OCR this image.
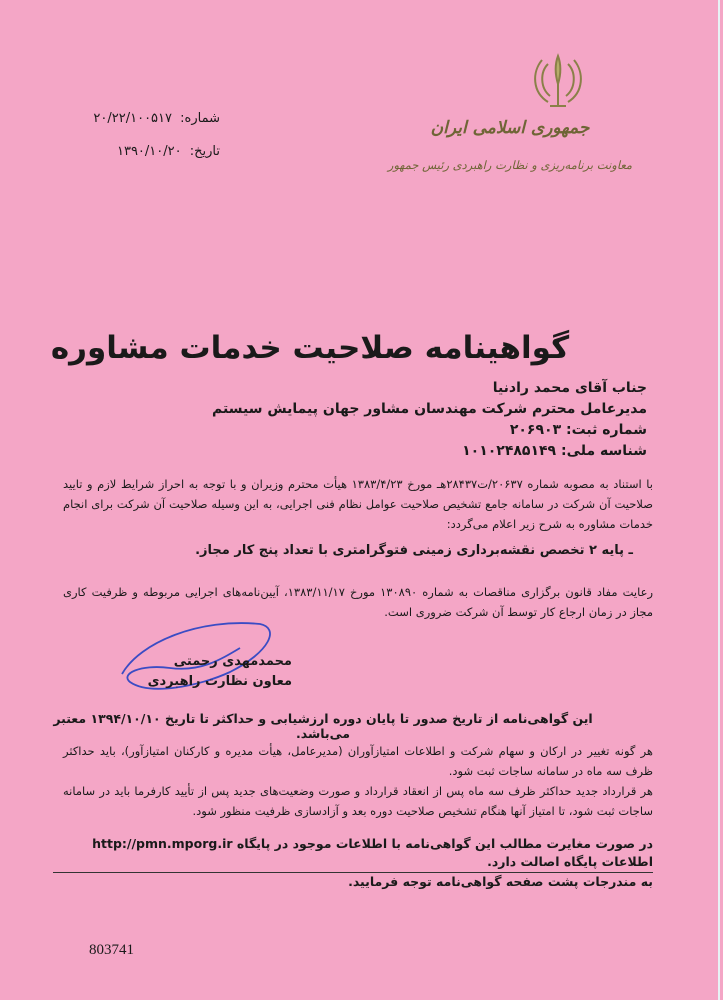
جمهوری اسلامی ایران
معاونت برنامه‌ریزی و نظارت راهبردی رئیس جمهور
شماره: ۲۰/۲۲/۱۰۰۵۱۷
تاریخ: ۱۳۹۰/۱۰/۲۰
گواهینامه صلاحیت خدمات مشاوره
جناب آقای محمد رادنیا
مدیرعامل محترم شرکت مهندسان مشاور جهان پیمایش سیستم
شماره ثبت: ۲۰۶۹۰۳
شناسه ملی: ۱۰۱۰۲۴۸۵۱۴۹
با استناد به مصوبه شماره ۲۰۶۳۷/ت۲۸۴۳۷هـ مورخ ۱۳۸۳/۴/۲۳ هیأت محترم وزیران و با توجه به احراز شرایط لازم و تایید صلاحیت آن شرکت در سامانه جامع تشخیص صلاحیت عوامل نظام فنی اجرایی، به این وسیله صلاحیت آن شرکت برای انجام خدمات مشاوره به شرح زیر اعلام می‌گردد:
ـ پایه ۲ تخصص نقشه‌برداری زمینی فتوگرامتری با تعداد پنج کار مجاز.
رعایت مفاد قانون برگزاری مناقصات به شماره ۱۳۰۸۹۰ مورخ ۱۳۸۳/۱۱/۱۷، آیین‌نامه‌های اجرایی مربوطه و ظرفیت کاری مجاز در زمان ارجاع کار توسط آن شرکت ضروری است.
محمدمهدی رحمتی
معاون نظارت راهبردی
این گواهی‌نامه از تاریخ صدور تا پایان دوره ارزشیابی و حداکثر تا تاریخ ۱۳۹۴/۱۰/۱۰ معتبر می‌باشد.
هر گونه تغییر در ارکان و سهام شرکت و اطلاعات امتیازآوران (مدیرعامل، هیأت مدیره و کارکنان امتیازآور)، باید حداکثر ظرف سه ماه در سامانه ساجات ثبت شود.
هر قرارداد جدید حداکثر ظرف سه ماه پس از انعقاد قرارداد و صورت وضعیت‌های جدید پس از تأیید کارفرما باید در سامانه ساجات ثبت شود، تا امتیاز آنها هنگام تشخیص صلاحیت دوره بعد و آزادسازی ظرفیت منظور شود.
در صورت مغایرت مطالب این گواهی‌نامه با اطلاعات موجود در پایگاه http://pmn.mporg.ir اطلاعات پایگاه اصالت دارد.
به مندرجات پشت صفحه گواهی‌نامه توجه فرمایید.
803741
